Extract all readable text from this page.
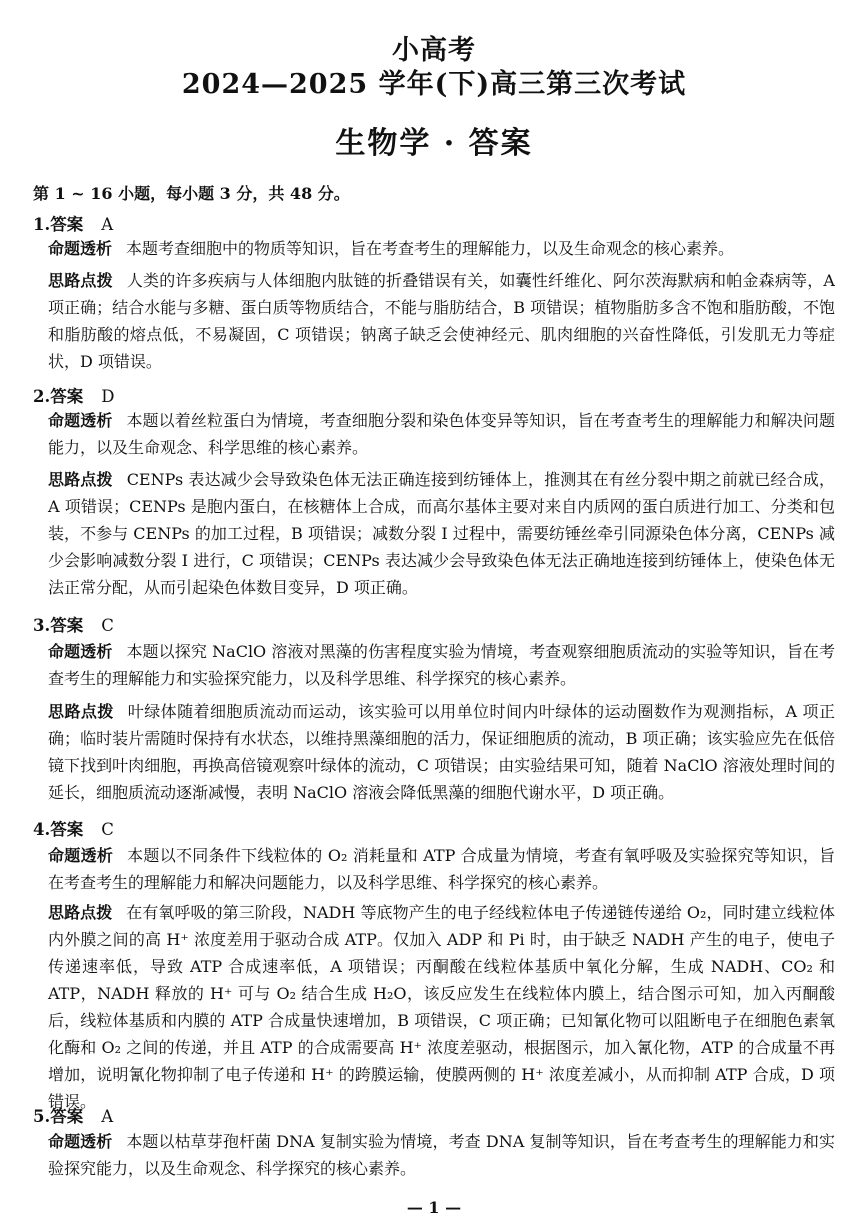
小高考
2024—2025 学年(下)高三第三次考试
生物学 · 答案
第 1 ~ 16 小题，每小题 3 分，共 48 分。
1.答案 A
命题透析 本题考查细胞中的物质等知识，旨在考查考生的理解能力，以及生命观念的核心素养。
思路点拨 人类的许多疾病与人体细胞内肽链的折叠错误有关，如囊性纤维化、阿尔茨海默病和帕金森病等，A 项正确；结合水能与多糖、蛋白质等物质结合，不能与脂肪结合，B 项错误；植物脂肪多含不饱和脂肪酸，不饱和脂肪酸的熔点低，不易凝固，C 项错误；钠离子缺乏会使神经元、肌肉细胞的兴奋性降低，引发肌无力等症状，D 项错误。
2.答案 D
命题透析 本题以着丝粒蛋白为情境，考查细胞分裂和染色体变异等知识，旨在考查考生的理解能力和解决问题能力，以及生命观念、科学思维的核心素养。
思路点拨 CENPs 表达减少会导致染色体无法正确连接到纺锤体上，推测其在有丝分裂中期之前就已经合成，A 项错误；CENPs 是胞内蛋白，在核糖体上合成，而高尔基体主要对来自内质网的蛋白质进行加工、分类和包装，不参与 CENPs 的加工过程，B 项错误；减数分裂 Ⅰ 过程中，需要纺锤丝牵引同源染色体分离，CENPs 减少会影响减数分裂 Ⅰ 进行，C 项错误；CENPs 表达减少会导致染色体无法正确地连接到纺锤体上，使染色体无法正常分配，从而引起染色体数目变异，D 项正确。
3.答案 C
命题透析 本题以探究 NaClO 溶液对黑藻的伤害程度实验为情境，考查观察细胞质流动的实验等知识，旨在考查考生的理解能力和实验探究能力，以及科学思维、科学探究的核心素养。
思路点拨 叶绿体随着细胞质流动而运动，该实验可以用单位时间内叶绿体的运动圈数作为观测指标，A 项正确；临时装片需随时保持有水状态，以维持黑藻细胞的活力，保证细胞质的流动，B 项正确；该实验应先在低倍镜下找到叶肉细胞，再换高倍镜观察叶绿体的流动，C 项错误；由实验结果可知，随着 NaClO 溶液处理时间的延长，细胞质流动逐渐减慢，表明 NaClO 溶液会降低黑藻的细胞代谢水平，D 项正确。
4.答案 C
命题透析 本题以不同条件下线粒体的 O₂ 消耗量和 ATP 合成量为情境，考查有氧呼吸及实验探究等知识，旨在考查考生的理解能力和解决问题能力，以及科学思维、科学探究的核心素养。
思路点拨 在有氧呼吸的第三阶段，NADH 等底物产生的电子经线粒体电子传递链传递给 O₂，同时建立线粒体内外膜之间的高 H⁺ 浓度差用于驱动合成 ATP。仅加入 ADP 和 Pi 时，由于缺乏 NADH 产生的电子，使电子传递速率低，导致 ATP 合成速率低，A 项错误；丙酮酸在线粒体基质中氧化分解，生成 NADH、CO₂ 和 ATP，NADH 释放的 H⁺ 可与 O₂ 结合生成 H₂O，该反应发生在线粒体内膜上，结合图示可知，加入丙酮酸后，线粒体基质和内膜的 ATP 合成量快速增加，B 项错误，C 项正确；已知氰化物可以阻断电子在细胞色素氧化酶和 O₂ 之间的传递，并且 ATP 的合成需要高 H⁺ 浓度差驱动，根据图示，加入氰化物，ATP 的合成量不再增加，说明氰化物抑制了电子传递和 H⁺ 的跨膜运输，使膜两侧的 H⁺ 浓度差减小，从而抑制 ATP 合成，D 项错误。
5.答案 A
命题透析 本题以枯草芽孢杆菌 DNA 复制实验为情境，考查 DNA 复制等知识，旨在考查考生的理解能力和实验探究能力，以及生命观念、科学探究的核心素养。
— 1 —
